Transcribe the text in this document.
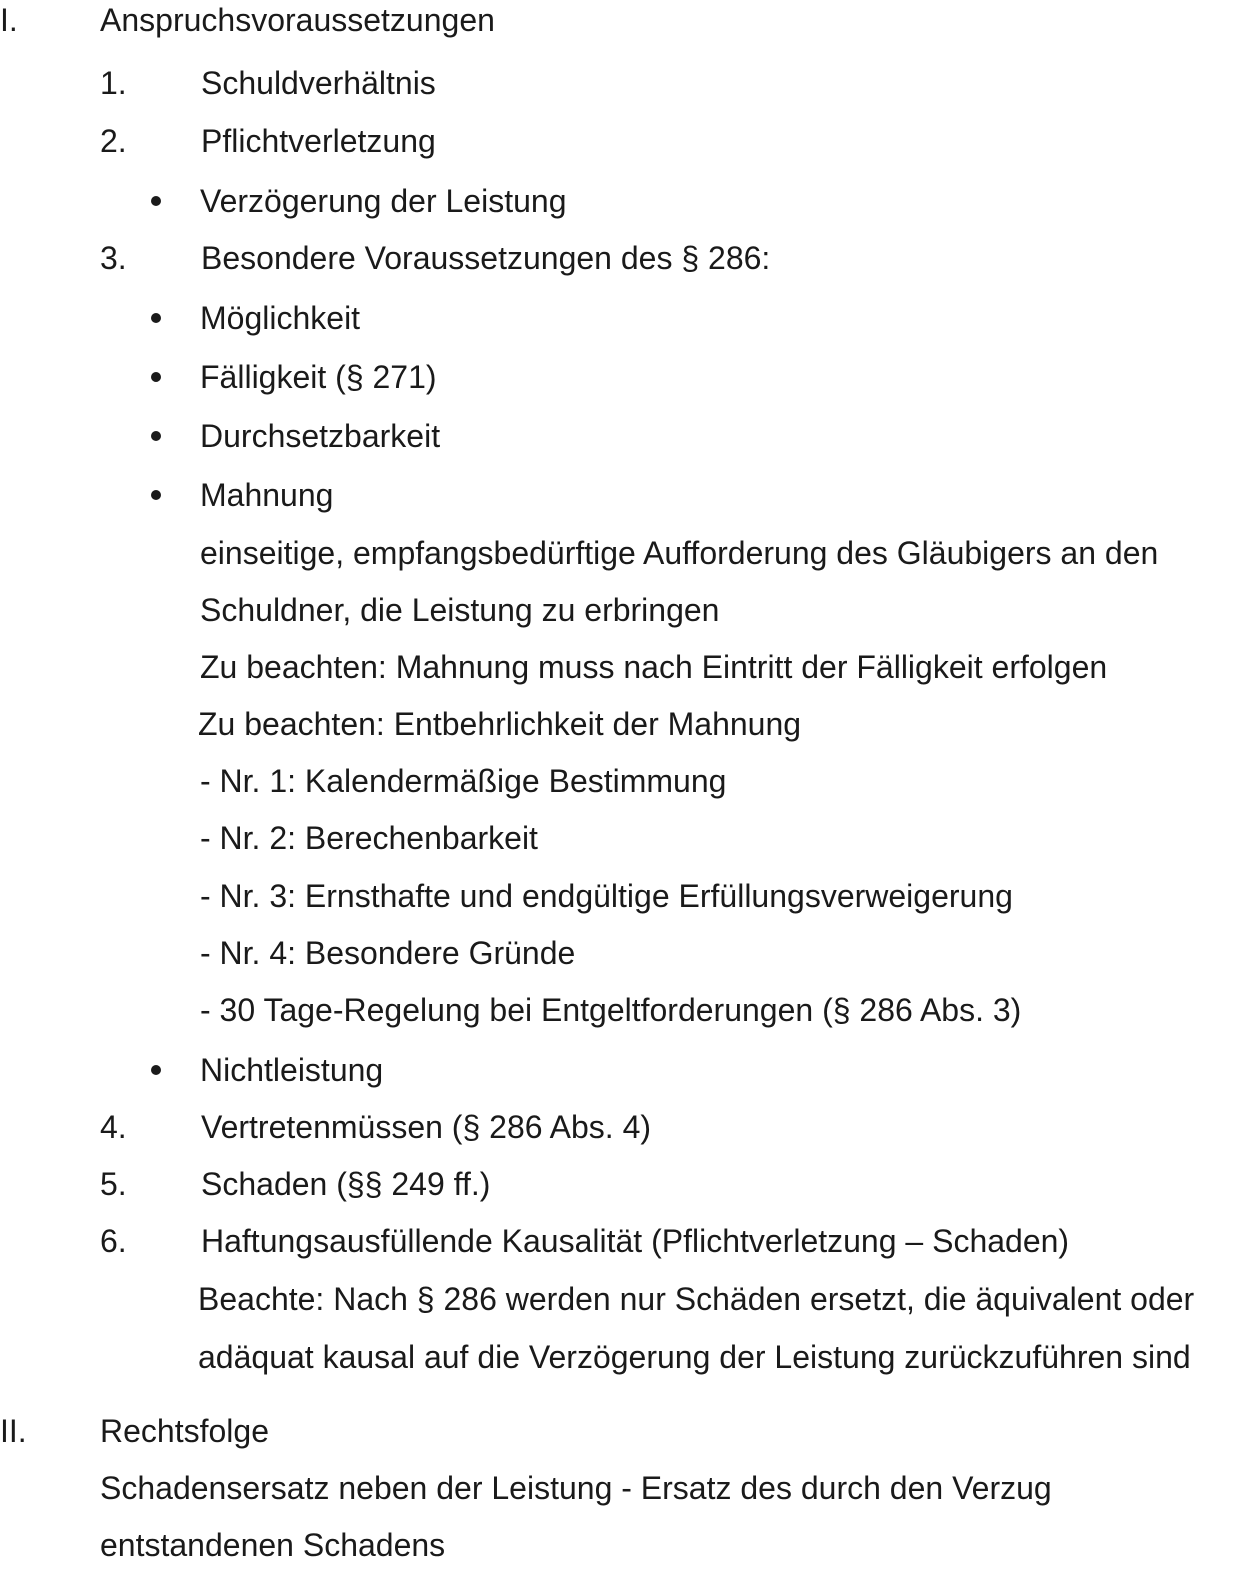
I.	Anspruchsvoraussetzungen
1. Schuldverhältnis
2. Pflichtverletzung
Verzögerung der Leistung
3. Besondere Voraussetzungen des § 286:
Möglichkeit
Fälligkeit (§ 271)
Durchsetzbarkeit
Mahnung
einseitige, empfangsbedürftige Aufforderung des Gläubigers an den
Schuldner, die Leistung zu erbringen
Zu beachten: Mahnung muss nach Eintritt der Fälligkeit erfolgen
Zu beachten: Entbehrlichkeit der Mahnung
- Nr. 1: Kalendermäßige Bestimmung
- Nr. 2: Berechenbarkeit
- Nr. 3: Ernsthafte und endgültige Erfüllungsverweigerung
- Nr. 4: Besondere Gründe
- 30 Tage-Regelung bei Entgeltforderungen (§ 286 Abs. 3)
Nichtleistung
4. Vertretenmüssen (§ 286 Abs. 4)
5. Schaden (§§ 249 ff.)
6. Haftungsausfüllende Kausalität (Pflichtverletzung – Schaden)
Beachte: Nach § 286 werden nur Schäden ersetzt, die äquivalent oder
adäquat kausal auf die Verzögerung der Leistung zurückzuführen sind
II. Rechtsfolge
Schadensersatz neben der Leistung - Ersatz des durch den Verzug
entstandenen Schadens
